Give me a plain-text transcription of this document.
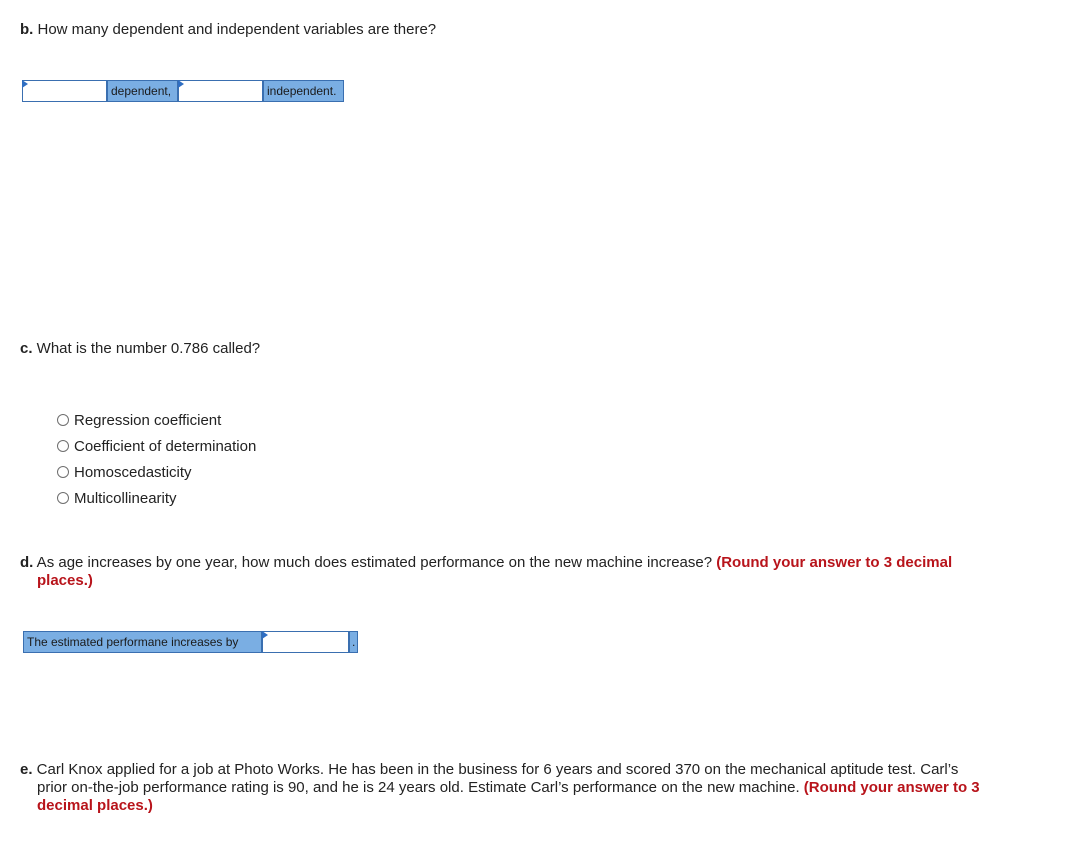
b. How many dependent and independent variables are there?
dependent,	independent.
c. What is the number 0.786 called?
Regression coefficient
Coefficient of determination
Homoscedasticity
Multicollinearity
d. As age increases by one year, how much does estimated performance on the new machine increase? (Round your answer to 3 decimal places.)
The estimated performane increases by	.
e. Carl Knox applied for a job at Photo Works. He has been in the business for 6 years and scored 370 on the mechanical aptitude test. Carl’s prior on-the-job performance rating is 90, and he is 24 years old. Estimate Carl’s performance on the new machine. (Round your answer to 3 decimal places.)
